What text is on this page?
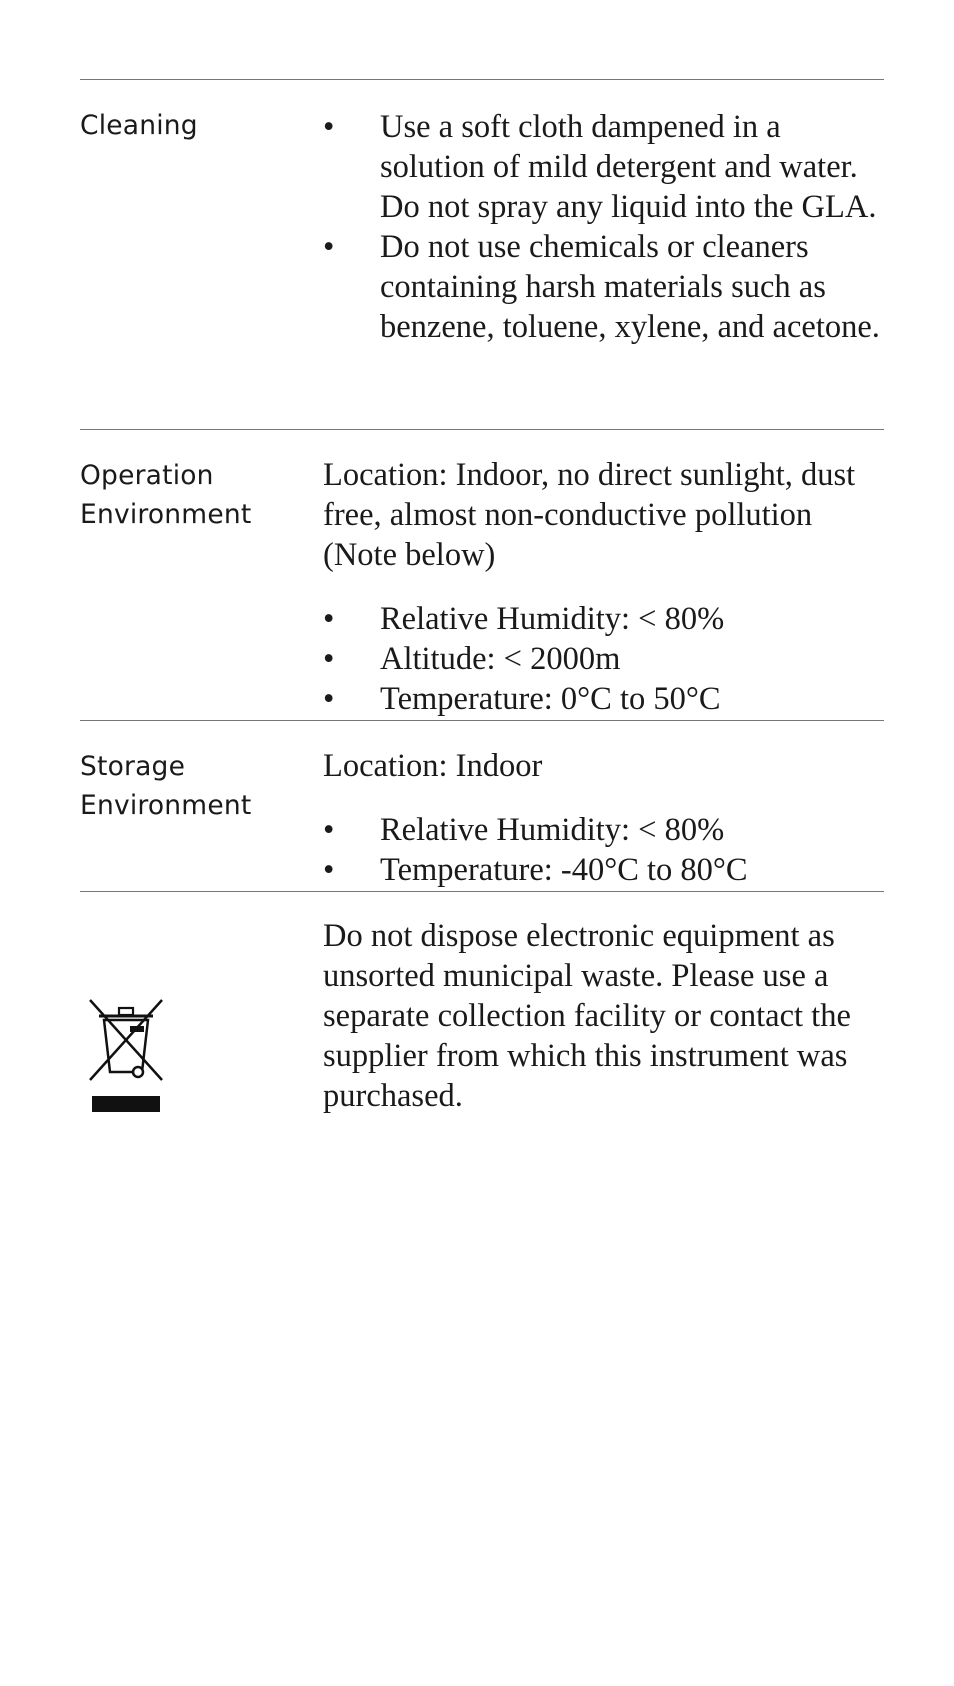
Cleaning	• Use a soft cloth dampened in a solution of mild detergent and water. Do not spray any liquid into the GLA.
• Do not use chemicals or cleaners containing harsh materials such as benzene, toluene, xylene, and acetone.
Operation
Environment

Location: Indoor, no direct sunlight, dust free, almost non-conductive pollution (Note below)

• Relative Humidity: < 80%
• Altitude: < 2000m
• Temperature: 0°C to 50°C
Storage
Environment

Location: Indoor

• Relative Humidity: < 80%
• Temperature: -40°C to 80°C

Do not dispose electronic equipment as unsorted municipal waste. Please use a separate collection facility or contact the supplier from which this instrument was purchased.
